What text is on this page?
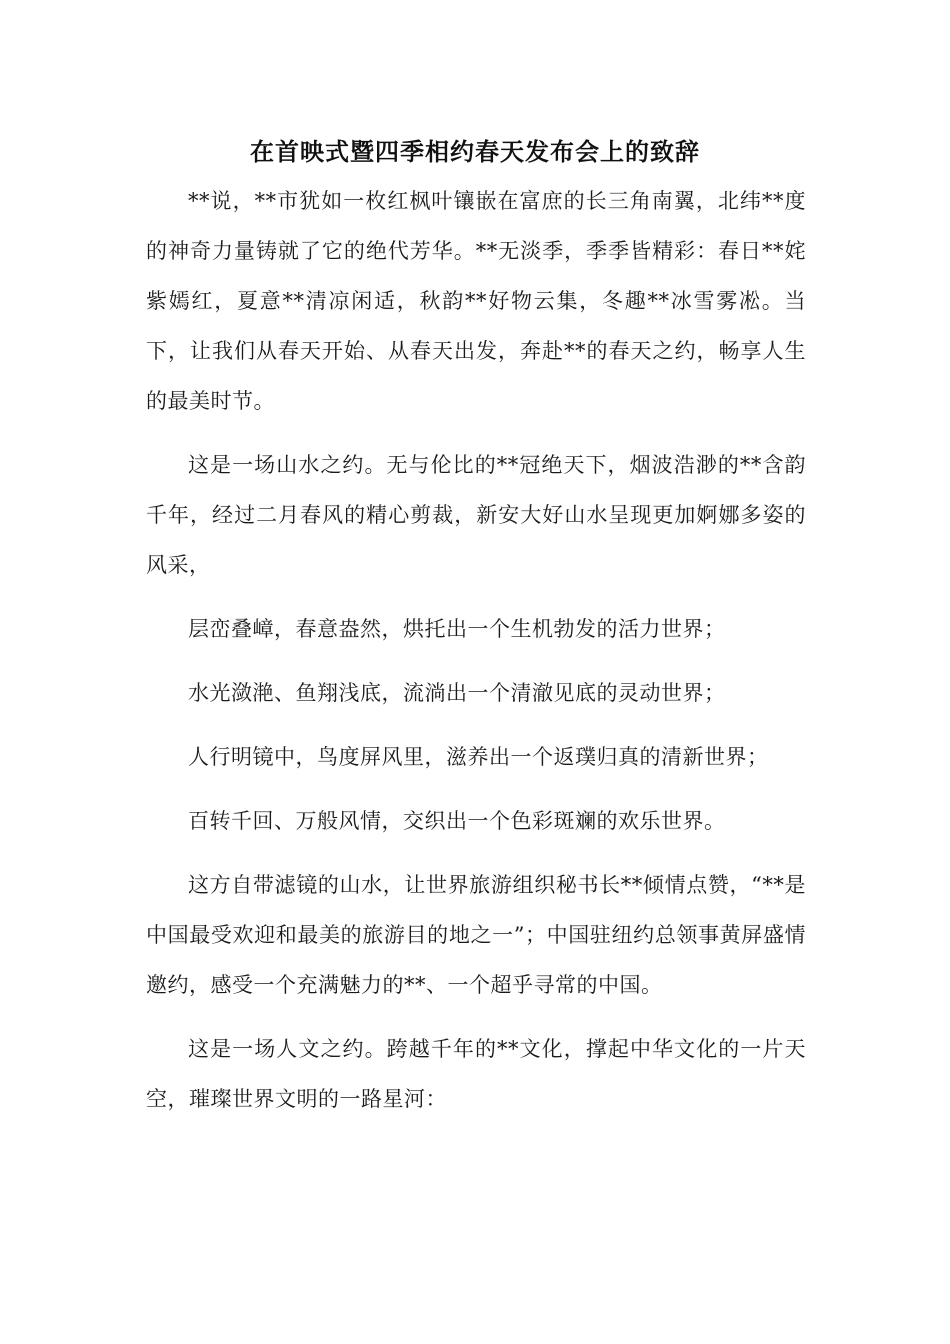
在首映式暨四季相约春天发布会上的致辞

**说，**市犹如一枚红枫叶镶嵌在富庶的长三角南翼，北纬**度的神奇力量铸就了它的绝代芳华。**无淡季，季季皆精彩：春日**姹紫嫣红，夏意**清凉闲适，秋韵**好物云集，冬趣**冰雪雾凇。当下，让我们从春天开始、从春天出发，奔赴**的春天之约，畅享人生的最美时节。

这是一场山水之约。无与伦比的**冠绝天下，烟波浩渺的**含韵千年，经过二月春风的精心剪裁，新安大好山水呈现更加婀娜多姿的风采，

层峦叠嶂，春意盎然，烘托出一个生机勃发的活力世界；

水光潋滟、鱼翔浅底，流淌出一个清澈见底的灵动世界；

人行明镜中，鸟度屏风里，滋养出一个返璞归真的清新世界；

百转千回、万般风情，交织出一个色彩斑斓的欢乐世界。

这方自带滤镜的山水，让世界旅游组织秘书长**倾情点赞，“**是中国最受欢迎和最美的旅游目的地之一”；中国驻纽约总领事黄屏盛情邀约，感受一个充满魅力的**、一个超乎寻常的中国。

这是一场人文之约。跨越千年的**文化，撑起中华文化的一片天空，璀璨世界文明的一路星河：
